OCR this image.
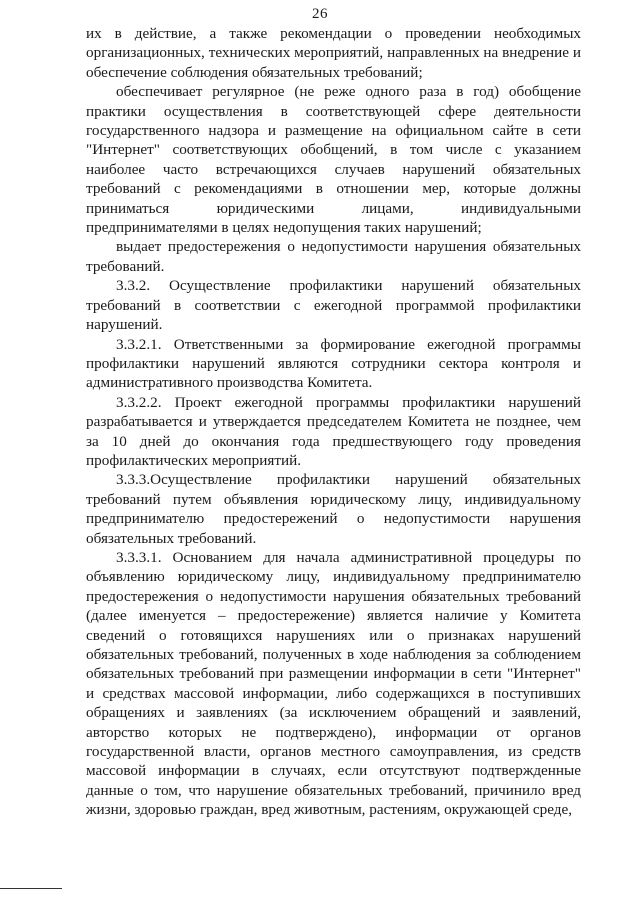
26

их в действие, а также рекомендации о проведении необходимых организационных, технических мероприятий, направленных на внедрение и обеспечение соблюдения обязательных требований;

обеспечивает регулярное (не реже одного раза в год) обобщение практики осуществления в соответствующей сфере деятельности государственного надзора и размещение на официальном сайте в сети "Интернет" соответствующих обобщений, в том числе с указанием наиболее часто встречающихся случаев нарушений обязательных требований с рекомендациями в отношении мер, которые должны приниматься юридическими лицами, индивидуальными предпринимателями в целях недопущения таких нарушений;

выдает предостережения о недопустимости нарушения обязательных требований.

3.3.2. Осуществление профилактики нарушений обязательных требований в соответствии с ежегодной программой профилактики нарушений.

3.3.2.1. Ответственными за формирование ежегодной программы профилактики нарушений являются сотрудники сектора контроля и административного производства Комитета.

3.3.2.2. Проект ежегодной программы профилактики нарушений разрабатывается и утверждается председателем Комитета не позднее, чем за 10 дней до окончания года предшествующего году проведения профилактических мероприятий.

3.3.3.Осуществление профилактики нарушений обязательных требований путем объявления юридическому лицу, индивидуальному предпринимателю предостережений о недопустимости нарушения обязательных требований.

3.3.3.1. Основанием для начала административной процедуры по объявлению юридическому лицу, индивидуальному предпринимателю предостережения о недопустимости нарушения обязательных требований (далее именуется – предостережение) является наличие у Комитета сведений о готовящихся нарушениях или о признаках нарушений обязательных требований, полученных в ходе наблюдения за соблюдением обязательных требований при размещении информации в сети "Интернет" и средствах массовой информации, либо содержащихся в поступивших обращениях и заявлениях (за исключением обращений и заявлений, авторство которых не подтверждено), информации от органов государственной власти, органов местного самоуправления, из средств массовой информации в случаях, если отсутствуют подтвержденные данные о том, что нарушение обязательных требований, причинило вред жизни, здоровью граждан, вред животным, растениям, окружающей среде,
